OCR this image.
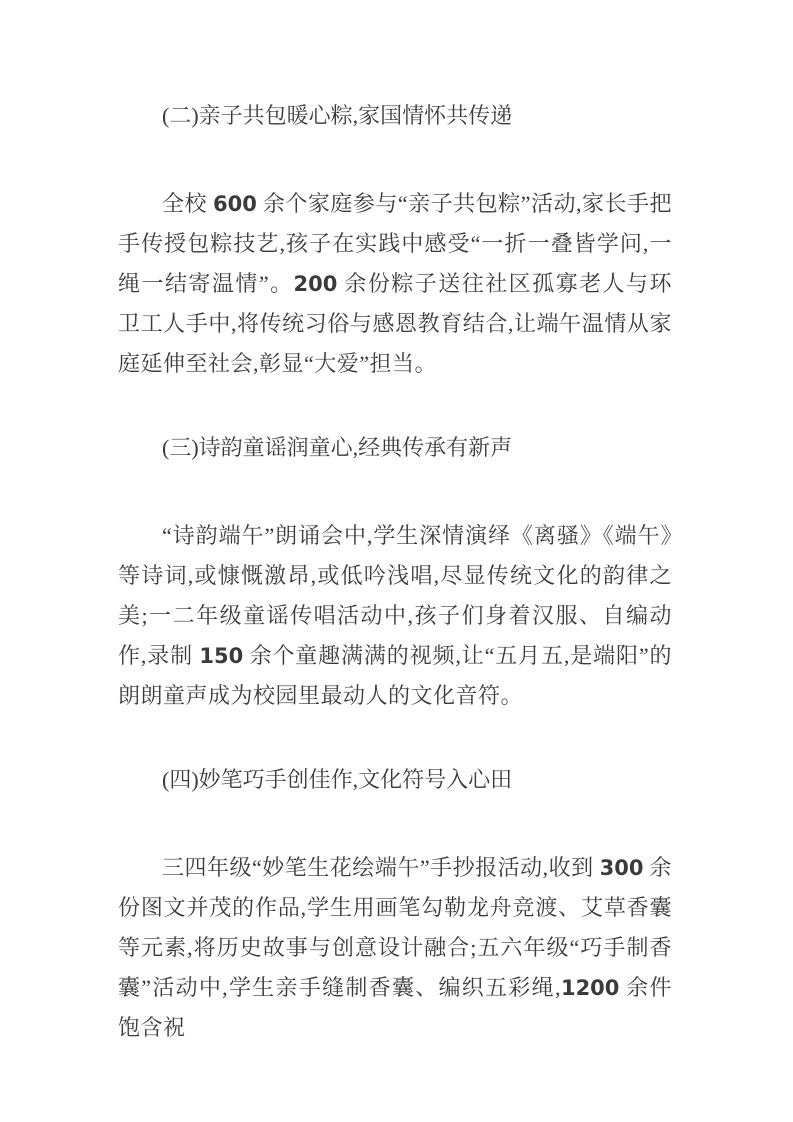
(二)亲子共包暖心粽,家国情怀共传递

全校 600 余个家庭参与“亲子共包粽”活动,家长手把手传授包粽技艺,孩子在实践中感受“一折一叠皆学问,一绳一结寄温情”。200 余份粽子送往社区孤寡老人与环卫工人手中,将传统习俗与感恩教育结合,让端午温情从家庭延伸至社会,彰显“大爱”担当。

(三)诗韵童谣润童心,经典传承有新声

“诗韵端午”朗诵会中,学生深情演绎《离骚》《端午》等诗词,或慷慨激昂,或低吟浅唱,尽显传统文化的韵律之美;一二年级童谣传唱活动中,孩子们身着汉服、自编动作,录制 150 余个童趣满满的视频,让“五月五,是端阳”的朗朗童声成为校园里最动人的文化音符。

(四)妙笔巧手创佳作,文化符号入心田

三四年级“妙笔生花绘端午”手抄报活动,收到 300 余份图文并茂的作品,学生用画笔勾勒龙舟竞渡、艾草香囊等元素,将历史故事与创意设计融合;五六年级“巧手制香囊”活动中,学生亲手缝制香囊、编织五彩绳,1200 余件饱含祝
